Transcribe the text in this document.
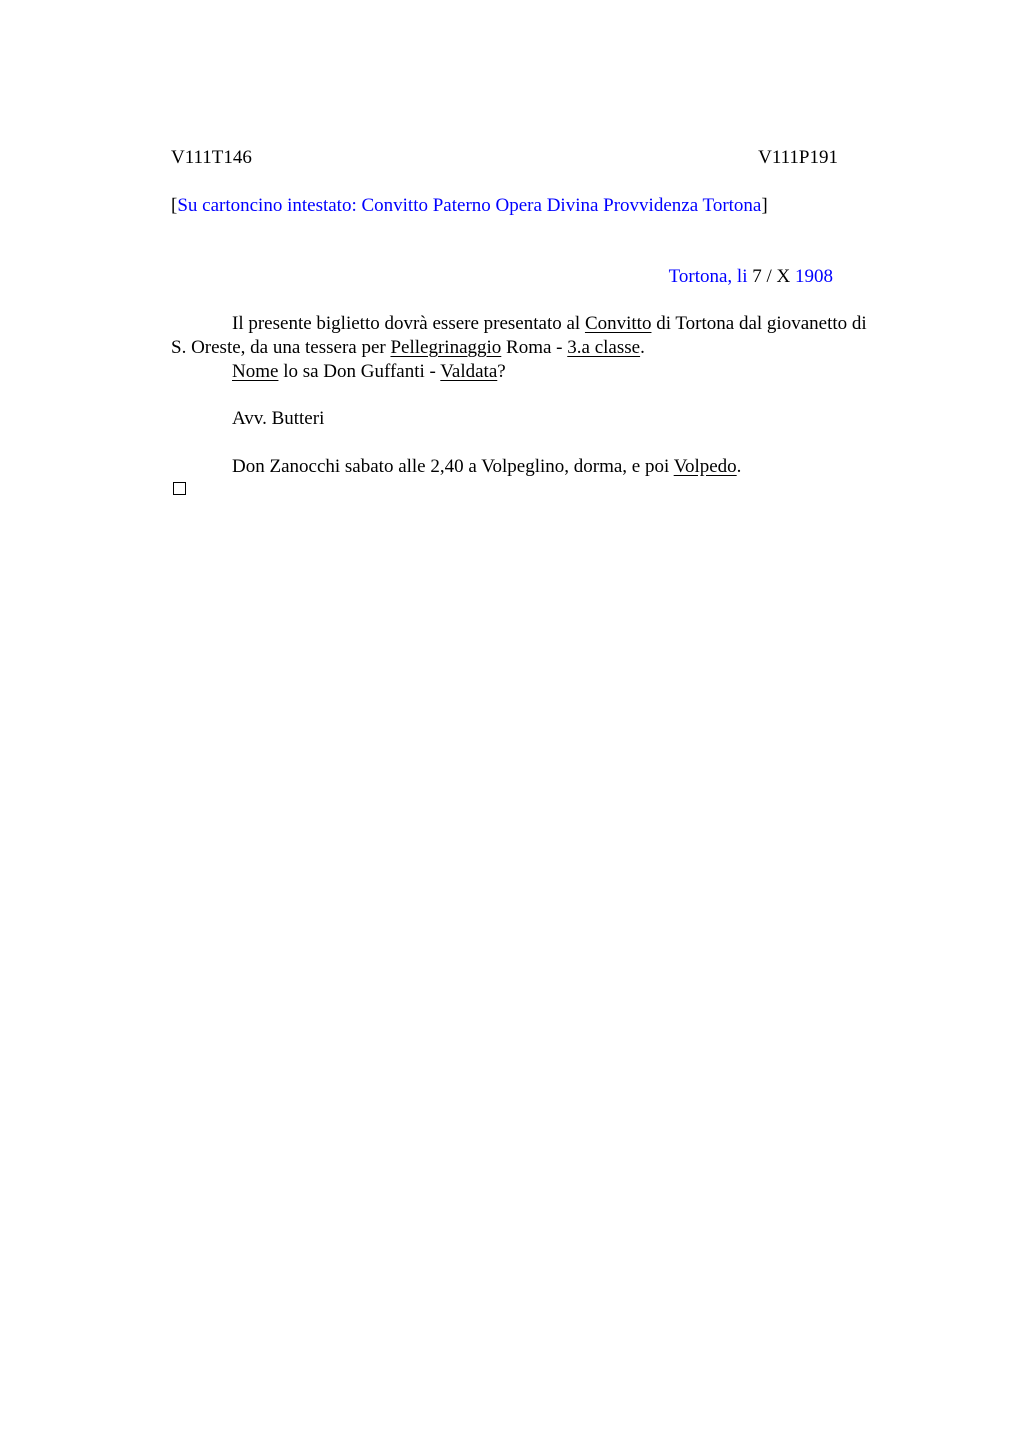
V111T146	V111P191
[Su cartoncino intestato: Convitto Paterno Opera Divina Provvidenza Tortona]
Tortona, li 7 / X 1908
Il presente biglietto dovrà essere presentato al Convitto di Tortona dal giovanetto di
S. Oreste, da una tessera per Pellegrinaggio Roma - 3.a classe.
Nome lo sa Don Guffanti - Valdata?
Avv. Butteri
Don Zanocchi sabato alle 2,40 a Volpeglino, dorma, e poi Volpedo.
